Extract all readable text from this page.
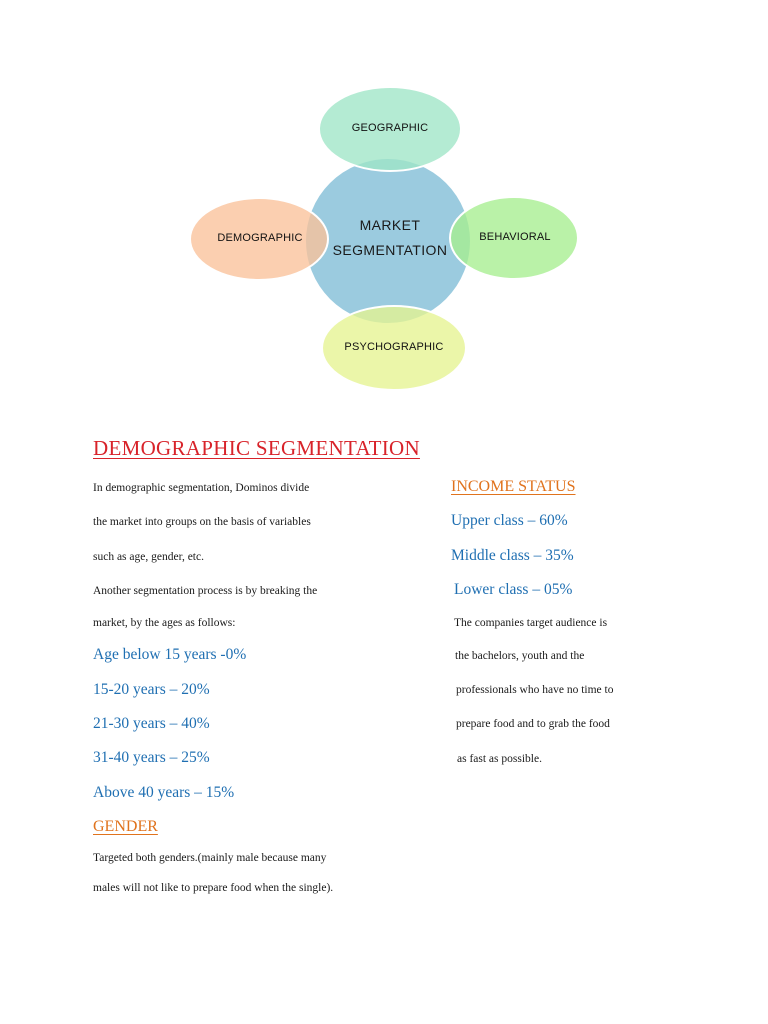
GEOGRAPHIC
DEMOGRAPHIC	BEHAVIORAL
PSYCHOGRAPHIC
MARKET
SEGMENTATION
DEMOGRAPHIC SEGMENTATION
In demographic segmentation, Dominos divide
the market into groups on the basis of variables
such as age, gender, etc.
Another segmentation process is by breaking the
market, by the ages as follows:
Age below 15 years -0%
15-20 years – 20%
21-30 years – 40%
31-40 years – 25%
Above 40 years – 15%
GENDER
Targeted both genders.(mainly male because many
males will not like to prepare food when the single).
INCOME STATUS
Upper class – 60%
Middle class – 35%
Lower class – 05%
The companies target audience is
the bachelors, youth and the
professionals who have no time to
prepare food and to grab the food
as fast as possible.
